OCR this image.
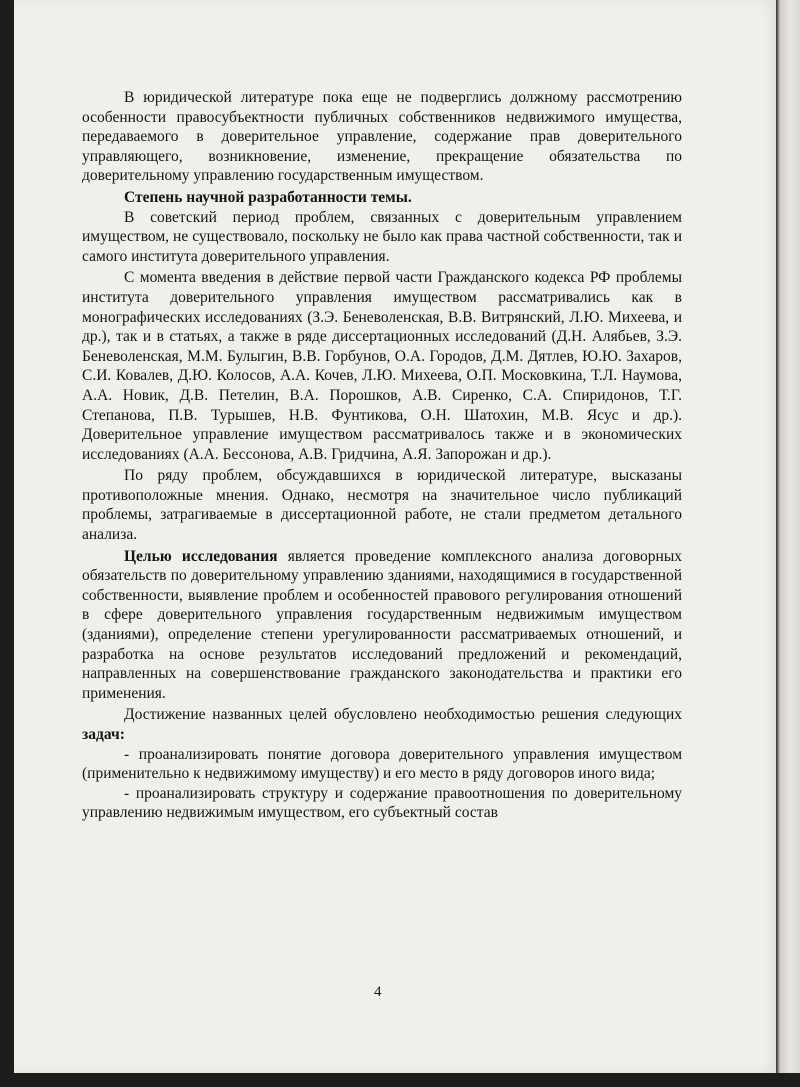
В юридической литературе пока еще не подверглись должному рассмотрению особенности правосубъектности публичных собственников недвижимого имущества, передаваемого в доверительное управление, содержание прав доверительного управляющего, возникновение, изменение, прекращение обязательства по доверительному управлению государственным имуществом.

Степень научной разработанности темы.

В советский период проблем, связанных с доверительным управлением имуществом, не существовало, поскольку не было как права частной собственности, так и самого института доверительного управления.

С момента введения в действие первой части Гражданского кодекса РФ проблемы института доверительного управления имуществом рассматривались как в монографических исследованиях (З.Э. Беневоленская, В.В. Витрянский, Л.Ю. Михеева, и др.), так и в статьях, а также в ряде диссертационных исследований (Д.Н. Алябьев, З.Э. Беневоленская, М.М. Булыгин, В.В. Горбунов, О.А. Городов, Д.М. Дятлев, Ю.Ю. Захаров, С.И. Ковалев, Д.Ю. Колосов, А.А. Кочев, Л.Ю. Михеева, О.П. Московкина, Т.Л. Наумова, А.А. Новик, Д.В. Петелин, В.А. Порошков, А.В. Сиренко, С.А. Спиридонов, Т.Г. Степанова, П.В. Турышев, Н.В. Фунтикова, О.Н. Шатохин, М.В. Ясус и др.). Доверительное управление имуществом рассматривалось также и в экономических исследованиях (А.А. Бессонова, А.В. Гридчина, А.Я. Запорожан и др.).

По ряду проблем, обсуждавшихся в юридической литературе, высказаны противоположные мнения. Однако, несмотря на значительное число публикаций проблемы, затрагиваемые в диссертационной работе, не стали предметом детального анализа.

Целью исследования является проведение комплексного анализа договорных обязательств по доверительному управлению зданиями, находящимися в государственной собственности, выявление проблем и особенностей правового регулирования отношений в сфере доверительного управления государственным недвижимым имуществом (зданиями), определение степени урегулированности рассматриваемых отношений, и разработка на основе результатов исследований предложений и рекомендаций, направленных на совершенствование гражданского законодательства и практики его применения.

Достижение названных целей обусловлено необходимостью решения следующих задач:

- проанализировать понятие договора доверительного управления имуществом (применительно к недвижимому имуществу) и его место в ряду договоров иного вида;

- проанализировать структуру и содержание правоотношения по доверительному управлению недвижимым имуществом, его субъектный состав

4
